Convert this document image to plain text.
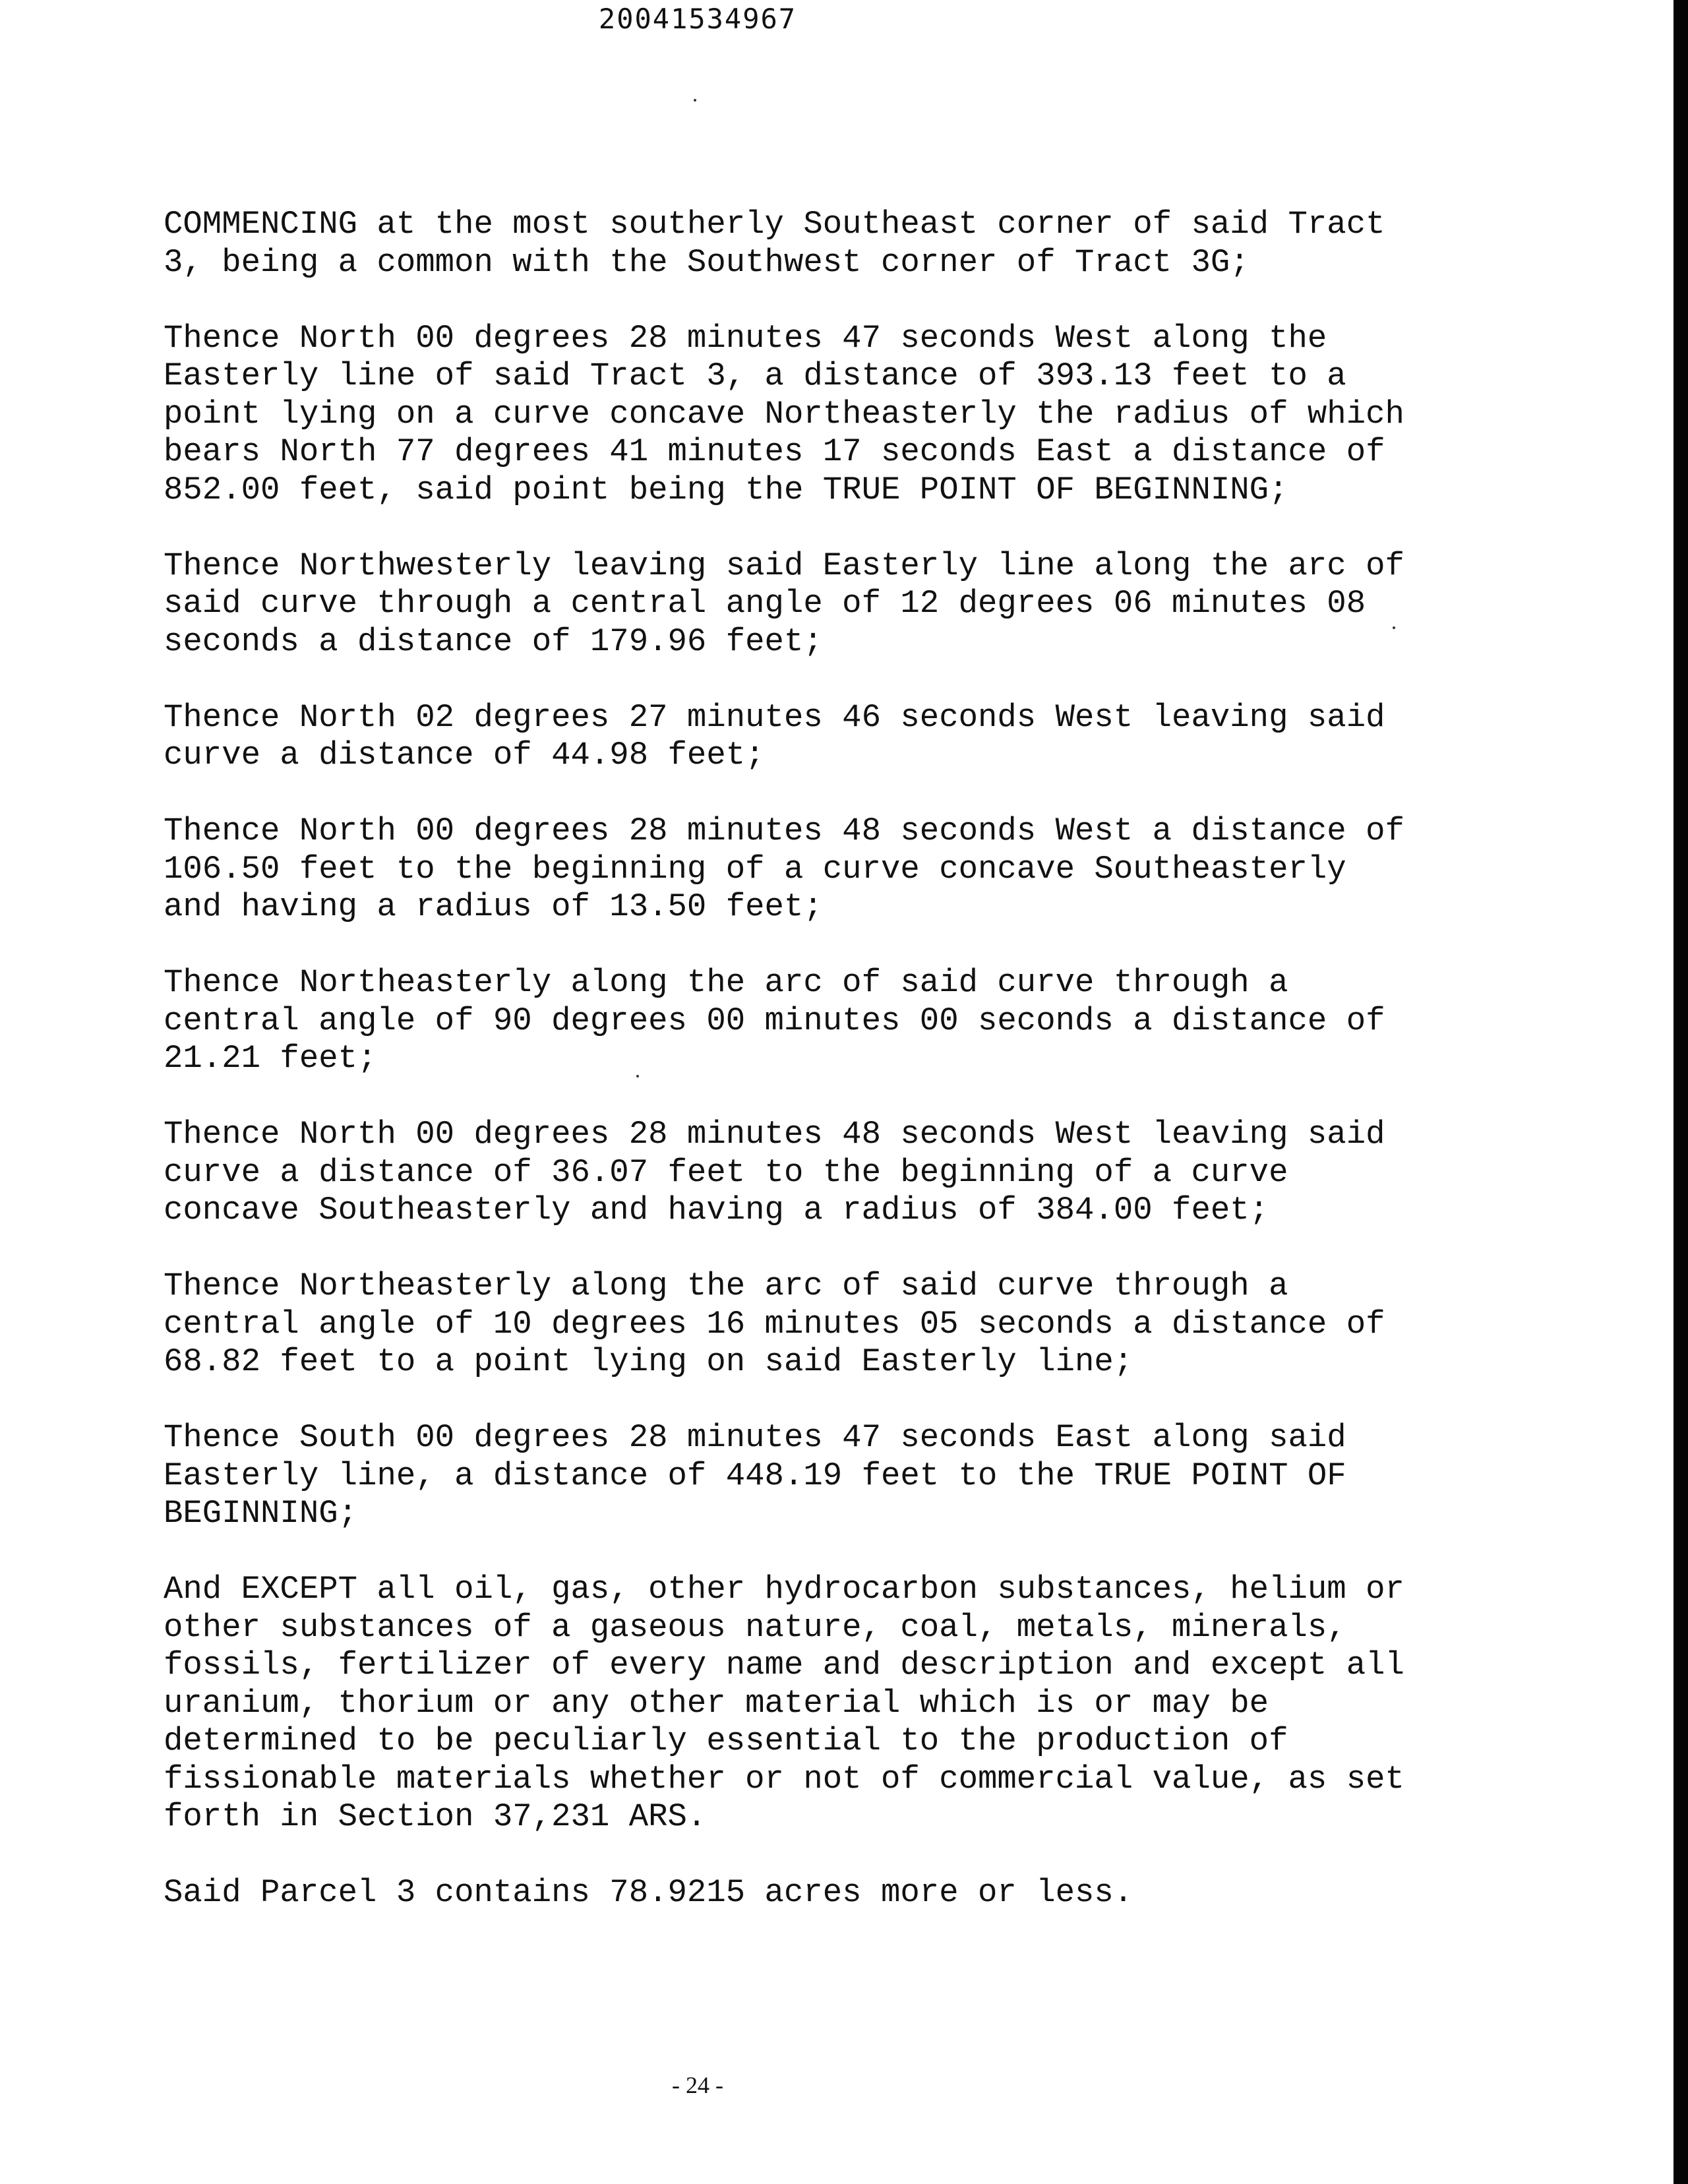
20041534967

COMMENCING at the most southerly Southeast corner of said Tract
3, being a common with the Southwest corner of Tract 3G;

Thence North 00 degrees 28 minutes 47 seconds West along the
Easterly line of said Tract 3, a distance of 393.13 feet to a
point lying on a curve concave Northeasterly the radius of which
bears North 77 degrees 41 minutes 17 seconds East a distance of
852.00 feet, said point being the TRUE POINT OF BEGINNING;

Thence Northwesterly leaving said Easterly line along the arc of
said curve through a central angle of 12 degrees 06 minutes 08
seconds a distance of 179.96 feet;

Thence North 02 degrees 27 minutes 46 seconds West leaving said
curve a distance of 44.98 feet;

Thence North 00 degrees 28 minutes 48 seconds West a distance of
106.50 feet to the beginning of a curve concave Southeasterly
and having a radius of 13.50 feet;

Thence Northeasterly along the arc of said curve through a
central angle of 90 degrees 00 minutes 00 seconds a distance of
21.21 feet;

Thence North 00 degrees 28 minutes 48 seconds West leaving said
curve a distance of 36.07 feet to the beginning of a curve
concave Southeasterly and having a radius of 384.00 feet;

Thence Northeasterly along the arc of said curve through a
central angle of 10 degrees 16 minutes 05 seconds a distance of
68.82 feet to a point lying on said Easterly line;

Thence South 00 degrees 28 minutes 47 seconds East along said
Easterly line, a distance of 448.19 feet to the TRUE POINT OF
BEGINNING;

And EXCEPT all oil, gas, other hydrocarbon substances, helium or
other substances of a gaseous nature, coal, metals, minerals,
fossils, fertilizer of every name and description and except all
uranium, thorium or any other material which is or may be
determined to be peculiarly essential to the production of
fissionable materials whether or not of commercial value, as set
forth in Section 37,231 ARS.

Said Parcel 3 contains 78.9215 acres more or less.

- 24 -
